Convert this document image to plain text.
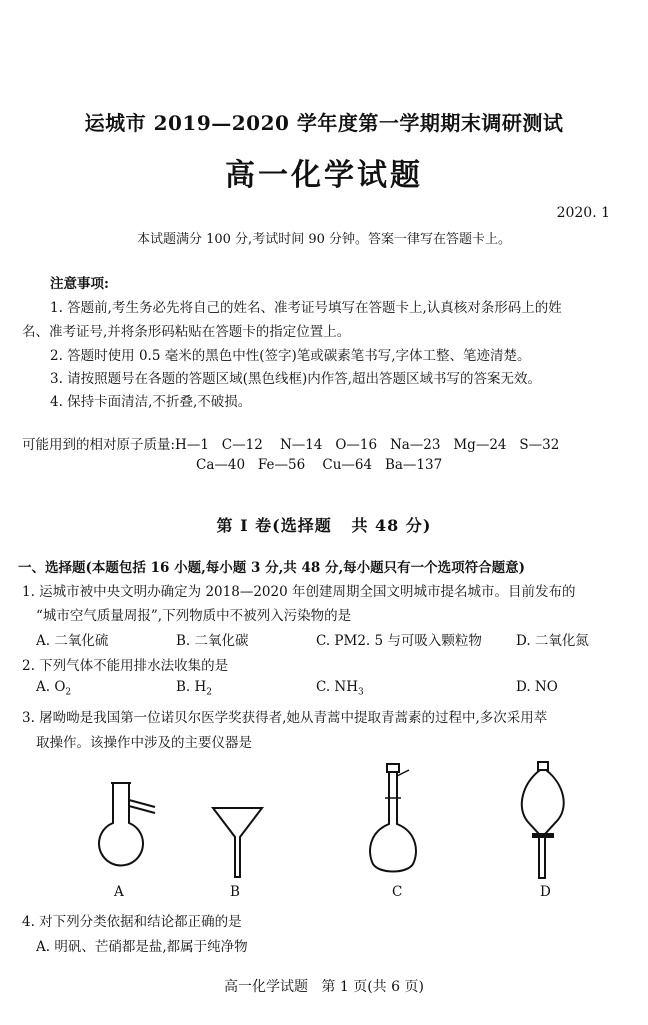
运城市 2019—2020 学年度第一学期期末调研测试
高一化学试题
2020. 1
本试题满分 100 分,考试时间 90 分钟。答案一律写在答题卡上。
注意事项:
1. 答题前,考生务必先将自己的姓名、准考证号填写在答题卡上,认真核对条形码上的姓
名、准考证号,并将条形码粘贴在答题卡的指定位置上。
2. 答题时使用 0.5 毫米的黑色中性(签字)笔或碳素笔书写,字体工整、笔迹清楚。
3. 请按照题号在各题的答题区域(黑色线框)内作答,超出答题区域书写的答案无效。
4. 保持卡面清洁,不折叠,不破损。
可能用到的相对原子质量:H—1   C—12    N—14   O—16   Na—23   Mg—24   S—32
Ca—40   Fe—56    Cu—64   Ba—137
第 Ⅰ 卷(选择题   共 48 分)
一、选择题(本题包括 16 小题,每小题 3 分,共 48 分,每小题只有一个选项符合题意)
1. 运城市被中央文明办确定为 2018—2020 年创建周期全国文明城市提名城市。目前发布的
“城市空气质量周报”,下列物质中不被列入污染物的是
A. 二氧化硫	B. 二氧化碳	C. PM2. 5 与可吸入颗粒物	D. 二氧化氮
2. 下列气体不能用排水法收集的是
A. $O_2$	B. $H_2$	C. $NH_3$	D. NO
3. 屠呦呦是我国第一位诺贝尔医学奖获得者,她从青蒿中提取青蒿素的过程中,多次采用萃
取操作。该操作中涉及的主要仪器是
A	B	C	D
4. 对下列分类依据和结论都正确的是
A. 明矾、芒硝都是盐,都属于纯净物
高一化学试题   第 1 页(共 6 页)
